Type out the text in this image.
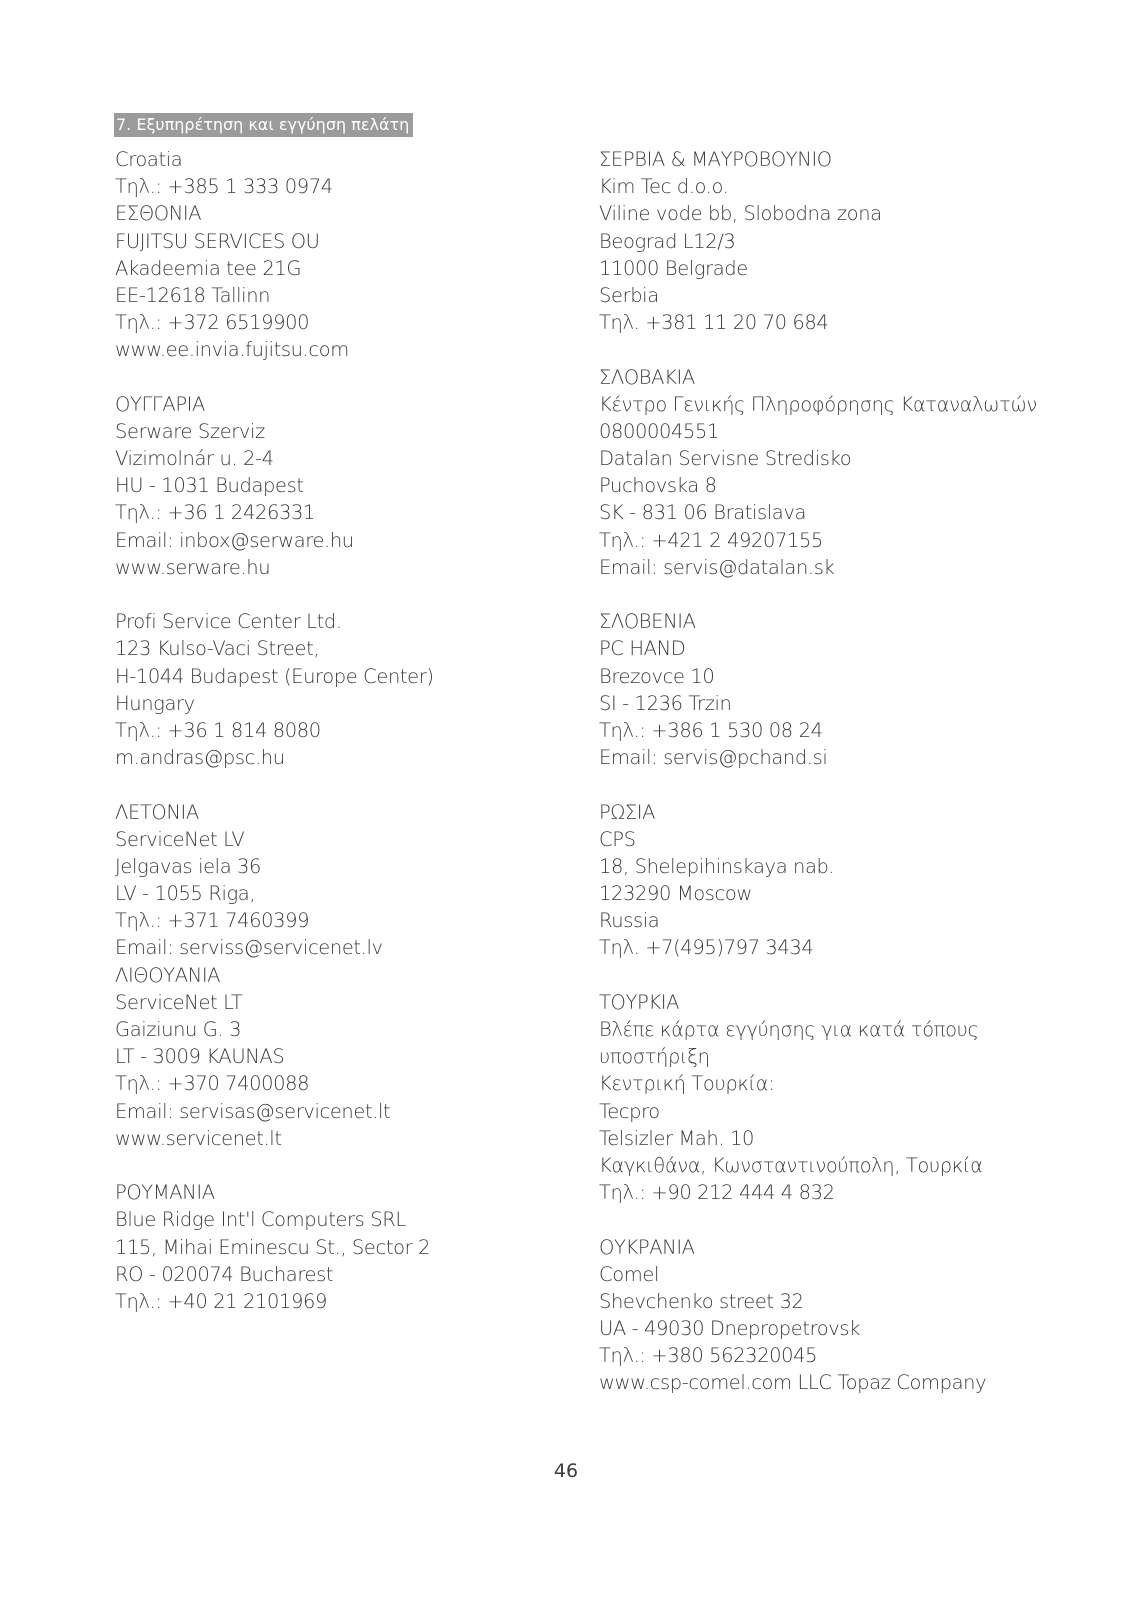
7. Εξυπηρέτηση και εγγύηση πελάτη
Croatia
Τηλ.: +385 1 333 0974
ΕΣΘΟΝΙΑ
FUJITSU SERVICES OU
Akadeemia tee 21G
EE-12618 Tallinn
Τηλ.: +372 6519900
www.ee.invia.fujitsu.com
ΟΥΓΓΑΡΙΑ
Serware Szerviz
Vizimolnár u. 2-4
HU - 1031 Budapest
Τηλ.: +36 1 2426331
Email: inbox@serware.hu
www.serware.hu
Profi Service Center Ltd.
123 Kulso-Vaci Street,
H-1044 Budapest (Europe Center)
Hungary
Τηλ.: +36 1 814 8080
m.andras@psc.hu
ΛΕΤΟΝΙΑ
ServiceNet LV
Jelgavas iela 36
LV - 1055 Riga,
Τηλ.: +371 7460399
Email: serviss@servicenet.lv
ΛΙΘΟΥΑΝΙΑ
ServiceNet LT
Gaiziunu G. 3
LT - 3009 KAUNAS
Τηλ.: +370 7400088
Email: servisas@servicenet.lt
www.servicenet.lt
ΡΟΥΜΑΝΙΑ
Blue Ridge Int'l Computers SRL
115, Mihai Eminescu St., Sector 2
RO - 020074 Bucharest
Τηλ.: +40 21 2101969
ΣΕΡΒΙΑ & ΜΑΥΡΟΒΟΥΝΙΟ
Kim Tec d.o.o.
Viline vode bb, Slobodna zona
Beograd L12/3
11000 Belgrade
Serbia
Τηλ. +381 11 20 70 684
ΣΛΟΒΑΚΙΑ
Κέντρο Γενικής Πληροφόρησης Καταναλωτών
0800004551
Datalan Servisne Stredisko
Puchovska 8
SK - 831 06 Bratislava
Τηλ.: +421 2 49207155
Email: servis@datalan.sk
ΣΛΟΒΕΝΙΑ
PC HAND
Brezovce 10
SI - 1236 Trzin
Τηλ.: +386 1 530 08 24
Email: servis@pchand.si
ΡΩΣΙΑ
CPS
18, Shelepihinskaya nab.
123290 Moscow
Russia
Τηλ. +7(495)797 3434
ΤΟΥΡΚΙΑ
Βλέπε κάρτα εγγύησης για κατά τόπους
υποστήριξη
Κεντρική Τουρκία:
Tecpro
Telsizler Mah. 10
Καγκιθάνα, Κωνσταντινούπολη, Τουρκία
Τηλ.: +90 212 444 4 832
ΟΥΚΡΑΝΙΑ
Comel
Shevchenko street 32
UA - 49030 Dnepropetrovsk
Τηλ.: +380 562320045
www.csp-comel.com LLC Topaz Company
46
